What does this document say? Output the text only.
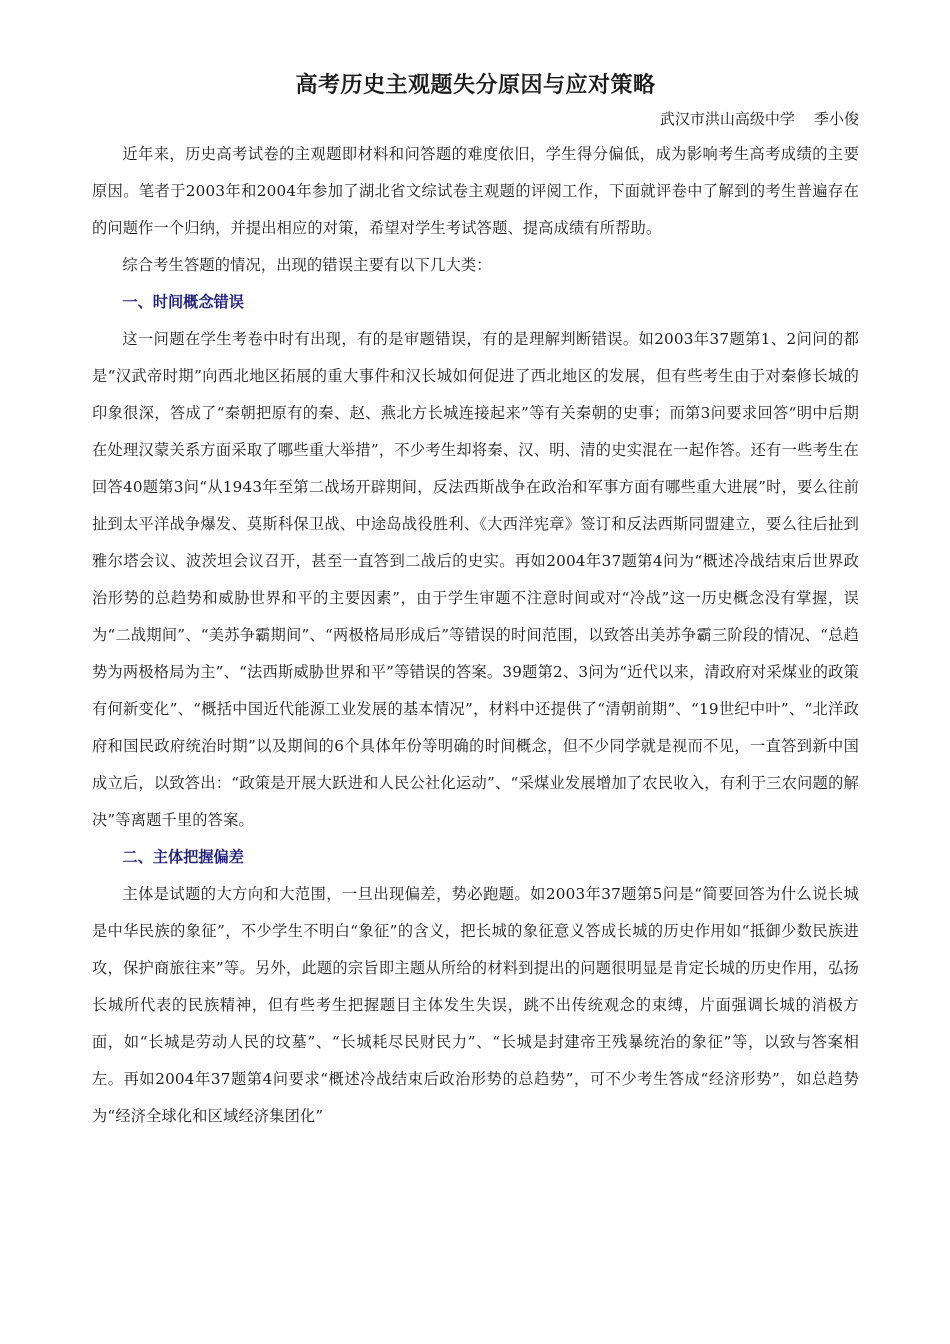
高考历史主观题失分原因与应对策略
武汉市洪山高级中学    季小俊

近年来，历史高考试卷的主观题即材料和问答题的难度依旧，学生得分偏低，成为影响考生高考成绩的主要原因。笔者于2003年和2004年参加了湖北省文综试卷主观题的评阅工作，下面就评卷中了解到的考生普遍存在的问题作一个归纳，并提出相应的对策，希望对学生考试答题、提高成绩有所帮助。

综合考生答题的情况，出现的错误主要有以下几大类：

一、时间概念错误

这一问题在学生考卷中时有出现，有的是审题错误，有的是理解判断错误。如2003年37题第1、2问问的都是“汉武帝时期”向西北地区拓展的重大事件和汉长城如何促进了西北地区的发展，但有些考生由于对秦修长城的印象很深，答成了“秦朝把原有的秦、赵、燕北方长城连接起来”等有关秦朝的史事；而第3问要求回答“明中后期在处理汉蒙关系方面采取了哪些重大举措”，不少考生却将秦、汉、明、清的史实混在一起作答。还有一些考生在回答40题第3问“从1943年至第二战场开辟期间，反法西斯战争在政治和军事方面有哪些重大进展”时，要么往前扯到太平洋战争爆发、莫斯科保卫战、中途岛战役胜利、《大西洋宪章》签订和反法西斯同盟建立，要么往后扯到雅尔塔会议、波茨坦会议召开，甚至一直答到二战后的史实。再如2004年37题第4问为“概述冷战结束后世界政治形势的总趋势和威胁世界和平的主要因素”，由于学生审题不注意时间或对“冷战”这一历史概念没有掌握，误为“二战期间”、“美苏争霸期间”、“两极格局形成后”等错误的时间范围，以致答出美苏争霸三阶段的情况、“总趋势为两极格局为主”、“法西斯威胁世界和平”等错误的答案。39题第2、3问为“近代以来，清政府对采煤业的政策有何新变化”、“概括中国近代能源工业发展的基本情况”，材料中还提供了“清朝前期”、“19世纪中叶”、“北洋政府和国民政府统治时期”以及期间的6个具体年份等明确的时间概念，但不少同学就是视而不见，一直答到新中国成立后，以致答出：“政策是开展大跃进和人民公社化运动”、“采煤业发展增加了农民收入，有利于三农问题的解决”等离题千里的答案。

二、主体把握偏差

主体是试题的大方向和大范围，一旦出现偏差，势必跑题。如2003年37题第5问是“简要回答为什么说长城是中华民族的象征”，不少学生不明白“象征”的含义，把长城的象征意义答成长城的历史作用如“抵御少数民族进攻，保护商旅往来”等。另外，此题的宗旨即主题从所给的材料到提出的问题很明显是肯定长城的历史作用，弘扬长城所代表的民族精神，但有些考生把握题目主体发生失误，跳不出传统观念的束缚，片面强调长城的消极方面，如“长城是劳动人民的坟墓”、“长城耗尽民财民力”、“长城是封建帝王残暴统治的象征”等，以致与答案相左。再如2004年37题第4问要求“概述冷战结束后政治形势的总趋势”，可不少考生答成“经济形势”，如总趋势为“经济全球化和区域经济集团化”
